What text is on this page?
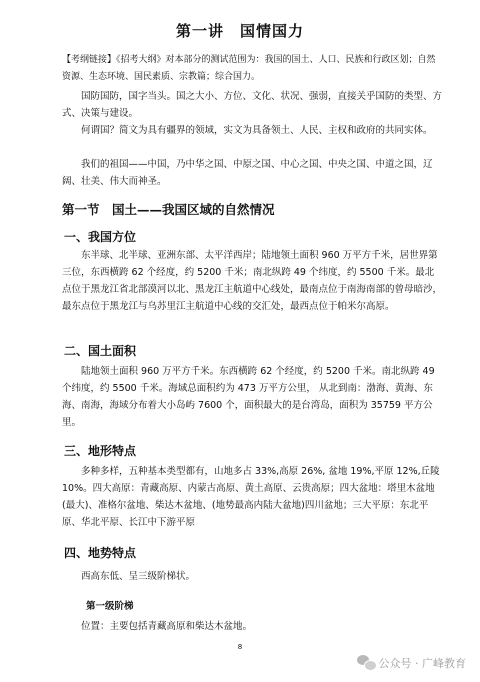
第一讲　国情国力

【考纲链接】《招考大纲》对本部分的测试范围为：我国的国土、人口、民族和行政区划；自然资源、生态环境、国民素质、宗教篇；综合国力。

国防国防，国字当头。国之大小、方位、文化、状况、强弱，直接关乎国防的类型、方式、决策与建设。

何谓国？简文为具有疆界的领域，实文为具备领土、人民、主权和政府的共同实体。

我们的祖国——中国，乃中华之国、中原之国、中心之国、中央之国、中道之国，辽阔、壮美、伟大而神圣。

第一节　国土——我国区域的自然情况
一、我国方位

东半球、北半球、亚洲东部、太平洋西岸；陆地领土面积 960 万平方千米，居世界第三位，东西横跨 62 个经度，约 5200 千米；南北纵跨 49 个纬度，约 5500 千米。最北点位于黑龙江省北部漠河以北、黑龙江主航道中心线处，最南点位于南海南部的曾母暗沙，最东点位于黑龙江与乌苏里江主航道中心线的交汇处，最西点位于帕米尔高原。

二、国土面积

陆地领土面积 960 万平方千米。东西横跨 62 个经度，约 5200 千米。南北纵跨 49 个纬度，约 5500 千米。海域总面积约为 473 万平方公里， 从北到南：渤海、黄海、东海、南海，海域分布着大小岛屿 7600 个，面积最大的是台湾岛，面积为 35759 平方公里。

三、地形特点

多种多样，五种基本类型都有，山地多占 33%,高原 26%, 盆地 19%,平原 12%,丘陵 10%。四大高原：青藏高原、内蒙古高原、黄土高原、云贵高原；四大盆地：塔里木盆地(最大)、准格尔盆地、柴达木盆地、(地势最高内陆大盆地)四川盆地；三大平原：东北平原、华北平原、长江中下游平原

四、地势特点

西高东低、呈三级阶梯状。

第一级阶梯

位置：主要包括青藏高原和柴达木盆地。

8
公众号 · 广峰教育
